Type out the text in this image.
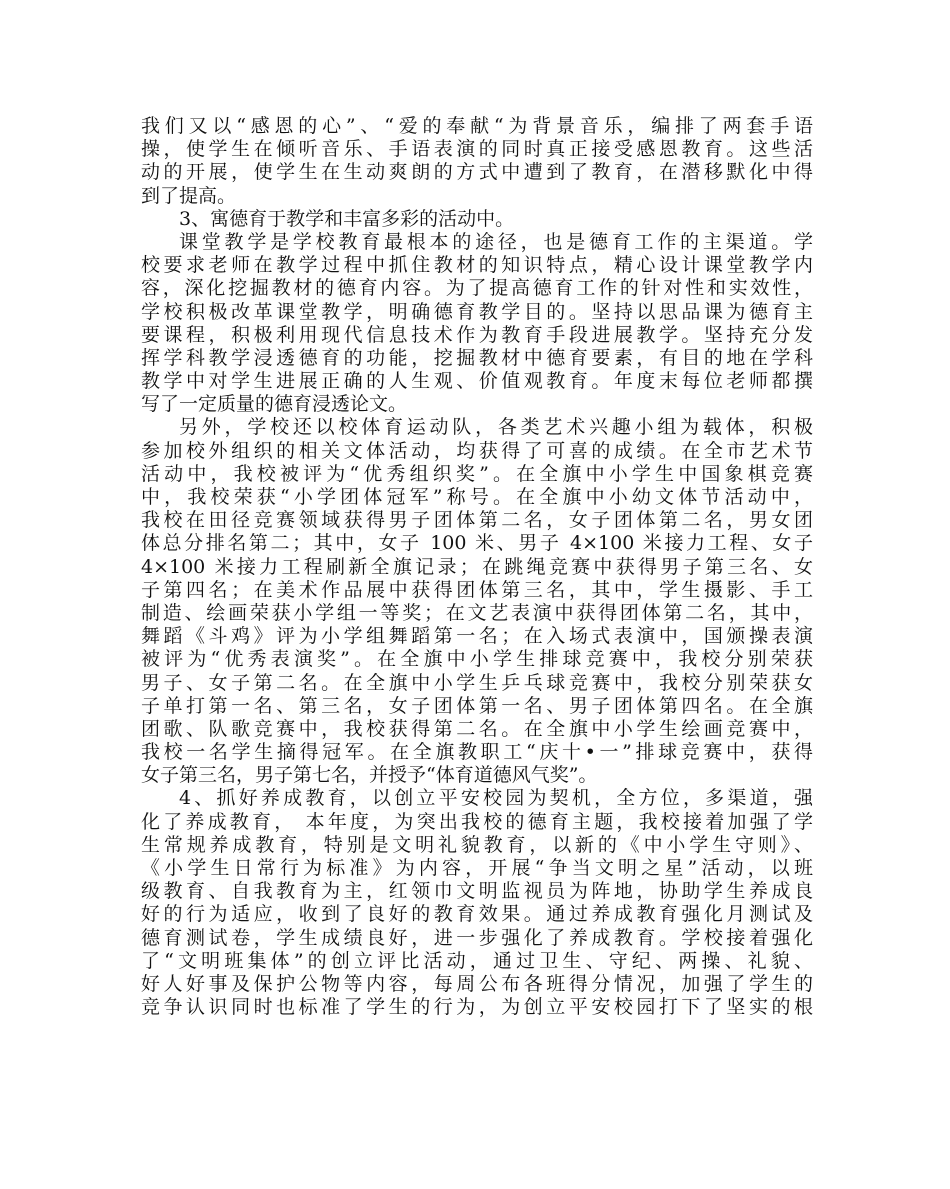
我们又以“感恩的心”、“爱的奉献“为背景音乐，编排了两套手语
操，使学生在倾听音乐、手语表演的同时真正接受感恩教育。这些活
动的开展，使学生在生动爽朗的方式中遭到了教育，在潜移默化中得
到了提高。
3、寓德育于教学和丰富多彩的活动中。
课堂教学是学校教育最根本的途径，也是德育工作的主渠道。学
校要求老师在教学过程中抓住教材的知识特点，精心设计课堂教学内
容，深化挖掘教材的德育内容。为了提高德育工作的针对性和实效性，
学校积极改革课堂教学，明确德育教学目的。坚持以思品课为德育主
要课程，积极利用现代信息技术作为教育手段进展教学。坚持充分发
挥学科教学浸透德育的功能，挖掘教材中德育要素，有目的地在学科
教学中对学生进展正确的人生观、价值观教育。年度末每位老师都撰
写了一定质量的德育浸透论文。
另外，学校还以校体育运动队，各类艺术兴趣小组为载体，积极
参加校外组织的相关文体活动，均获得了可喜的成绩。在全市艺术节
活动中，我校被评为“优秀组织奖”。在全旗中小学生中国象棋竞赛
中，我校荣获“小学团体冠军”称号。在全旗中小幼文体节活动中，
我校在田径竞赛领域获得男子团体第二名，女子团体第二名，男女团
体总分排名第二；其中，女子 100 米、男子 4×100 米接力工程、女子
4×100 米接力工程刷新全旗记录；在跳绳竞赛中获得男子第三名、女
子第四名；在美术作品展中获得团体第三名，其中，学生摄影、手工
制造、绘画荣获小学组一等奖；在文艺表演中获得团体第二名，其中，
舞蹈《斗鸡》评为小学组舞蹈第一名；在入场式表演中，国颁操表演
被评为“优秀表演奖”。在全旗中小学生排球竞赛中，我校分别荣获
男子、女子第二名。在全旗中小学生乒乓球竞赛中，我校分别荣获女
子单打第一名、第三名，女子团体第一名、男子团体第四名。在全旗
团歌、队歌竞赛中，我校获得第二名。在全旗中小学生绘画竞赛中，
我校一名学生摘得冠军。在全旗教职工“庆十•一”排球竞赛中，获得
女子第三名，男子第七名，并授予“体育道德风气奖”。
4、抓好养成教育，以创立平安校园为契机，全方位，多渠道，强
化了养成教育， 本年度，为突出我校的德育主题，我校接着加强了学
生常规养成教育，特别是文明礼貌教育，以新的《中小学生守则》、
《小学生日常行为标准》为内容，开展“争当文明之星”活动，以班
级教育、自我教育为主，红领巾文明监视员为阵地，协助学生养成良
好的行为适应，收到了良好的教育效果。通过养成教育强化月测试及
德育测试卷，学生成绩良好，进一步强化了养成教育。学校接着强化
了“文明班集体”的创立评比活动，通过卫生、守纪、两操、礼貌、
好人好事及保护公物等内容，每周公布各班得分情况，加强了学生的
竞争认识同时也标准了学生的行为，为创立平安校园打下了坚实的根
